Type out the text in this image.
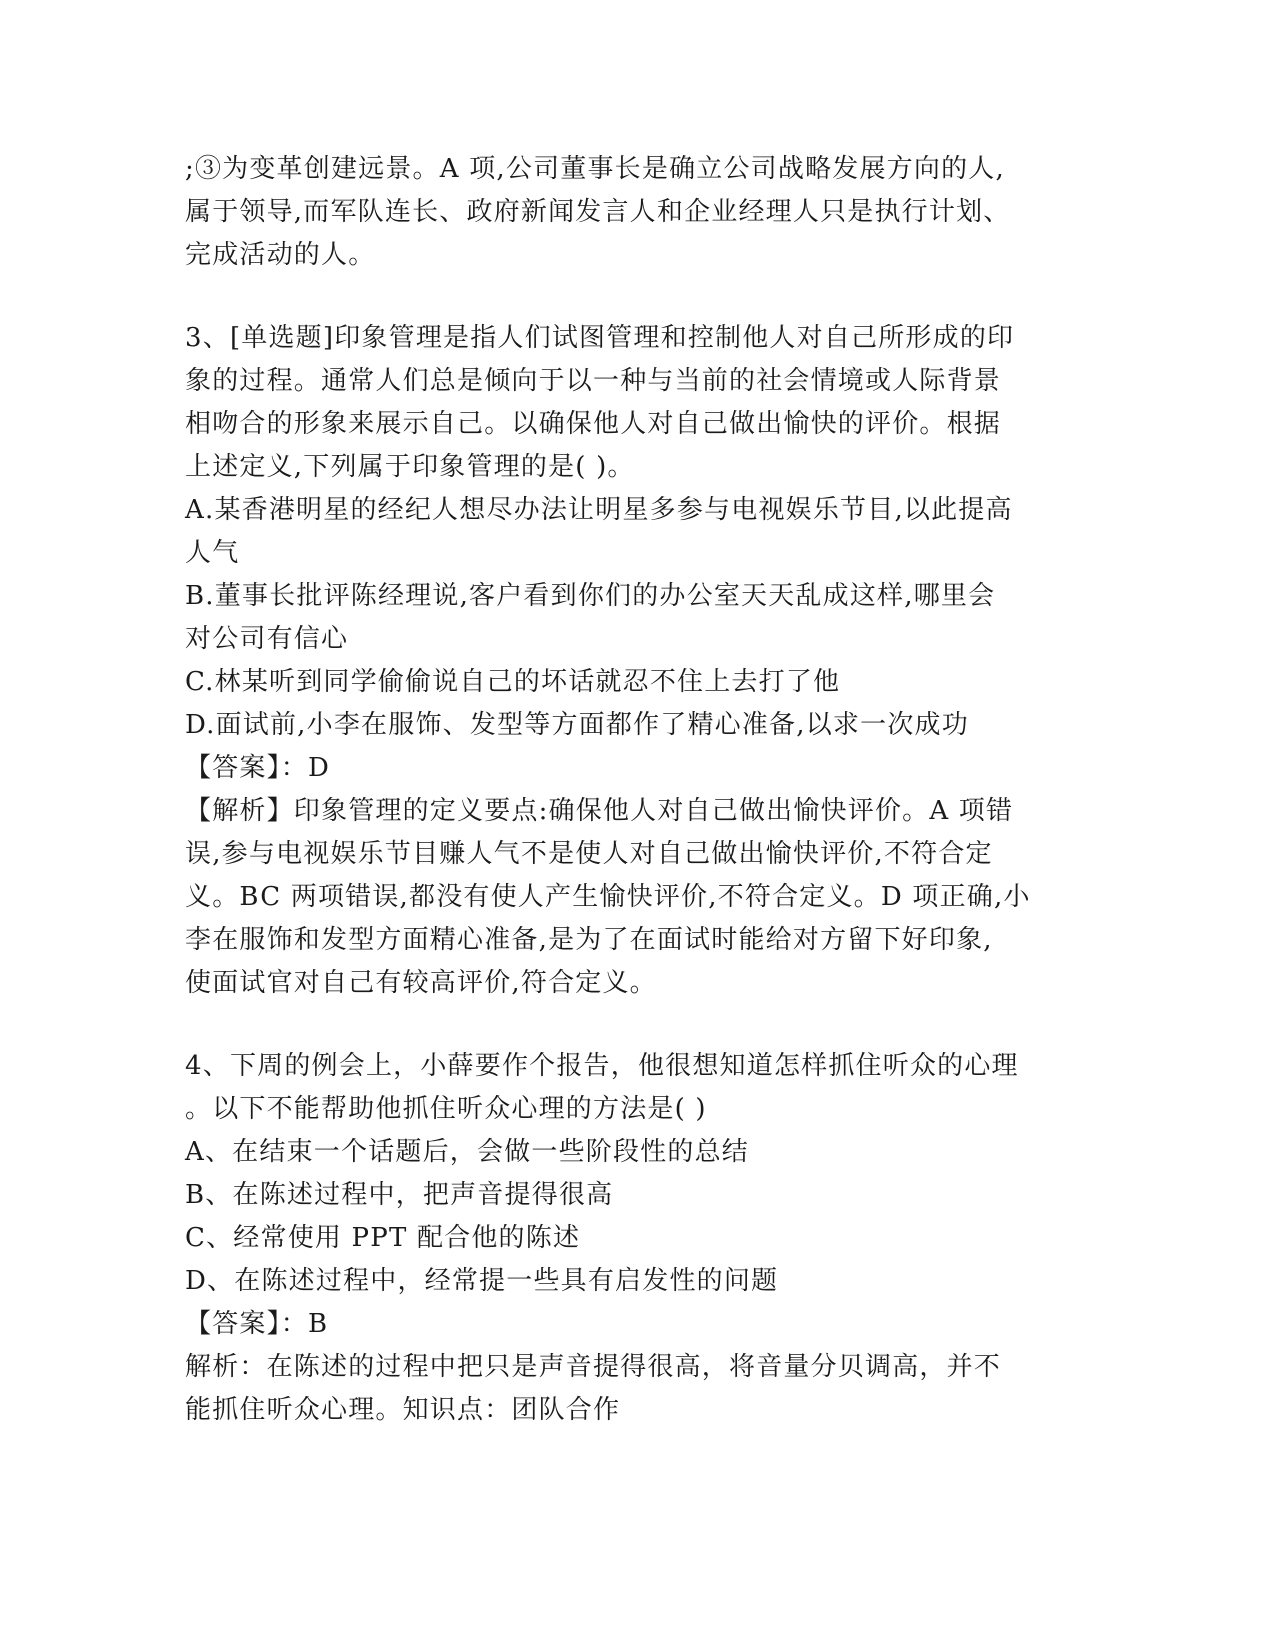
;③为变革创建远景。A 项,公司董事长是确立公司战略发展方向的人,
属于领导,而军队连长、政府新闻发言人和企业经理人只是执行计划、
完成活动的人。
3、[单选题]印象管理是指人们试图管理和控制他人对自己所形成的印
象的过程。通常人们总是倾向于以一种与当前的社会情境或人际背景
相吻合的形象来展示自己。以确保他人对自己做出愉快的评价。根据
上述定义,下列属于印象管理的是( )。
A.某香港明星的经纪人想尽办法让明星多参与电视娱乐节目,以此提高
人气
B.董事长批评陈经理说,客户看到你们的办公室天天乱成这样,哪里会
对公司有信心
C.林某听到同学偷偷说自己的坏话就忍不住上去打了他
D.面试前,小李在服饰、发型等方面都作了精心准备,以求一次成功
【答案】：D
【解析】印象管理的定义要点:确保他人对自己做出愉快评价。A 项错
误,参与电视娱乐节目赚人气不是使人对自己做出愉快评价,不符合定
义。BC 两项错误,都没有使人产生愉快评价,不符合定义。D 项正确,小
李在服饰和发型方面精心准备,是为了在面试时能给对方留下好印象,
使面试官对自己有较高评价,符合定义。
4、下周的例会上，小薛要作个报告，他很想知道怎样抓住听众的心理
。以下不能帮助他抓住听众心理的方法是( )
A、在结束一个话题后，会做一些阶段性的总结
B、在陈述过程中，把声音提得很高
C、经常使用 PPT 配合他的陈述
D、在陈述过程中，经常提一些具有启发性的问题
【答案】：B
解析：在陈述的过程中把只是声音提得很高，将音量分贝调高，并不
能抓住听众心理。知识点：团队合作
